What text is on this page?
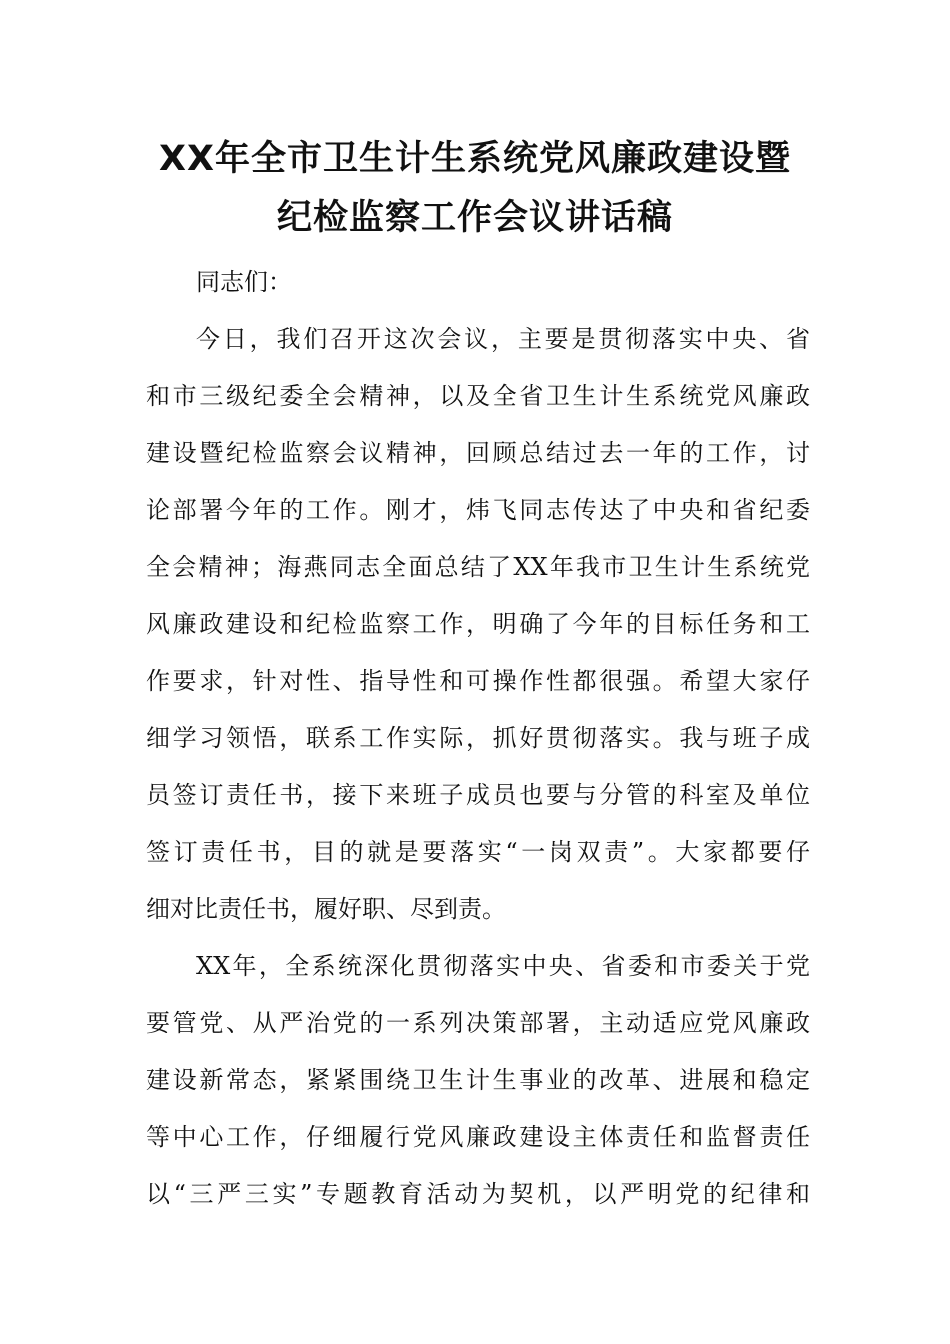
XX年全市卫生计生系统党风廉政建设暨
纪检监察工作会议讲话稿
同志们：
今日，我们召开这次会议，主要是贯彻落实中央、省
和市三级纪委全会精神，以及全省卫生计生系统党风廉政
建设暨纪检监察会议精神，回顾总结过去一年的工作，讨
论部署今年的工作。刚才，炜飞同志传达了中央和省纪委
全会精神；海燕同志全面总结了XX年我市卫生计生系统党
风廉政建设和纪检监察工作，明确了今年的目标任务和工
作要求，针对性、指导性和可操作性都很强。希望大家仔
细学习领悟，联系工作实际，抓好贯彻落实。我与班子成
员签订责任书，接下来班子成员也要与分管的科室及单位
签订责任书，目的就是要落实“一岗双责”。大家都要仔
细对比责任书，履好职、尽到责。
XX年，全系统深化贯彻落实中央、省委和市委关于党
要管党、从严治党的一系列决策部署，主动适应党风廉政
建设新常态，紧紧围绕卫生计生事业的改革、进展和稳定
等中心工作，仔细履行党风廉政建设主体责任和监督责任
以“三严三实”专题教育活动为契机，以严明党的纪律和
